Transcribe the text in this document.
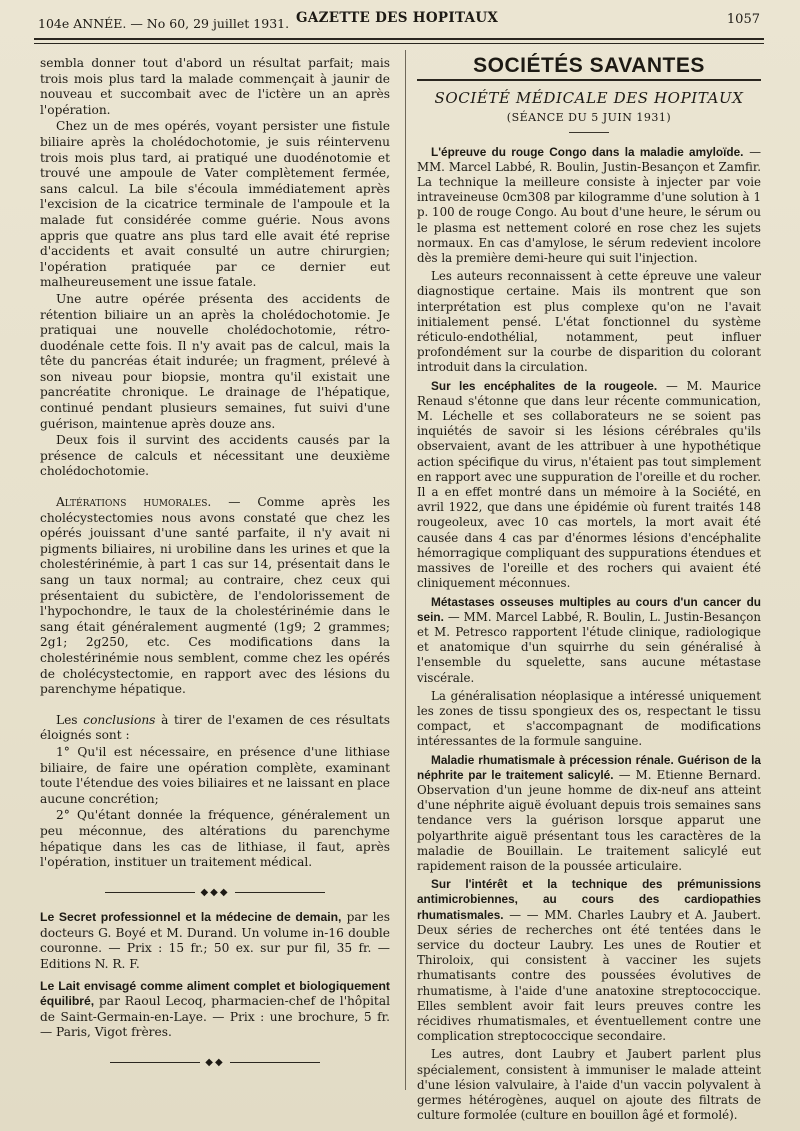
104e ANNÉE. — No 60, 29 juillet 1931. GAZETTE DES HOPITAUX	1057

sembla donner tout d'abord un résultat parfait; mais trois mois plus tard la malade commençait à jaunir de nouveau et succombait avec de l'ictère un an après l'opération.

Chez un de mes opérés, voyant persister une fistule biliaire après la cholédochotomie, je suis réintervenu trois mois plus tard, ai pratiqué une duodénotomie et trouvé une ampoule de Vater complètement fermée, sans calcul. La bile s'écoula immédiatement après l'excision de la cicatrice terminale de l'ampoule et la malade fut considérée comme guérie. Nous avons appris que quatre ans plus tard elle avait été reprise d'accidents et avait consulté un autre chirurgien; l'opération pratiquée par ce dernier eut malheureusement une issue fatale.

Une autre opérée présenta des accidents de rétention biliaire un an après la cholédochotomie. Je pratiquai une nouvelle cholédochotomie, rétro-duodénale cette fois. Il n'y avait pas de calcul, mais la tête du pancréas était indurée; un fragment, prélevé à son niveau pour biopsie, montra qu'il existait une pancréatite chronique. Le drainage de l'hépatique, continué pendant plusieurs semaines, fut suivi d'une guérison, maintenue après douze ans.

Deux fois il survint des accidents causés par la présence de calculs et nécessitant une deuxième cholédochotomie.

Altérations humorales. — Comme après les cholécystectomies nous avons constaté que chez les opérés jouissant d'une santé parfaite, il n'y avait ni pigments biliaires, ni urobiline dans les urines et que la cholestérinémie, à part 1 cas sur 14, présentait dans le sang un taux normal; au contraire, chez ceux qui présentaient du subictère, de l'endolorissement de l'hypochondre, le taux de la cholestérinémie dans le sang était généralement augmenté (1g9; 2 grammes; 2g1; 2g250, etc. Ces modifications dans la cholestérinémie nous semblent, comme chez les opérés de cholécystectomie, en rapport avec des lésions du parenchyme hépatique.

Les conclusions à tirer de l'examen de ces résultats éloignés sont :

1° Qu'il est nécessaire, en présence d'une lithiase biliaire, de faire une opération complète, examinant toute l'étendue des voies biliaires et ne laissant en place aucune concrétion;

2° Qu'étant donnée la fréquence, généralement un peu méconnue, des altérations du parenchyme hépatique dans les cas de lithiase, il faut, après l'opération, instituer un traitement médical.

◆◆◆

Le Secret professionnel et la médecine de demain, par les docteurs G. Boyé et M. Durand. Un volume in-16 double couronne. — Prix : 15 fr.; 50 ex. sur pur fil, 35 fr. — Editions N. R. F.

Le Lait envisagé comme aliment complet et biologiquement équilibré, par Raoul Lecoq, pharmacien-chef de l'hôpital de Saint-Germain-en-Laye. — Prix : une brochure, 5 fr. — Paris, Vigot frères.

◆◆
SOCIÉTÉS SAVANTES
SOCIÉTÉ MÉDICALE DES HOPITAUX
(SÉANCE DU 5 JUIN 1931)

L'épreuve du rouge Congo dans la maladie amyloïde. — MM. Marcel Labbé, R. Boulin, Justin-Besançon et Zamfir. La technique la meilleure consiste à injecter par voie intraveineuse 0cm308 par kilogramme d'une solution à 1 p. 100 de rouge Congo. Au bout d'une heure, le sérum ou le plasma est nettement coloré en rose chez les sujets normaux. En cas d'amylose, le sérum redevient incolore dès la première demi-heure qui suit l'injection.

Les auteurs reconnaissent à cette épreuve une valeur diagnostique certaine. Mais ils montrent que son interprétation est plus complexe qu'on ne l'avait initialement pensé. L'état fonctionnel du système réticulo-endothélial, notamment, peut influer profondément sur la courbe de disparition du colorant introduit dans la circulation.

Sur les encéphalites de la rougeole. — M. Maurice Renaud s'étonne que dans leur récente communication, M. Léchelle et ses collaborateurs ne se soient pas inquiétés de savoir si les lésions cérébrales qu'ils observaient, avant de les attribuer à une hypothétique action spécifique du virus, n'étaient pas tout simplement en rapport avec une suppuration de l'oreille et du rocher. Il a en effet montré dans un mémoire à la Société, en avril 1922, que dans une épidémie où furent traités 148 rougeoleux, avec 10 cas mortels, la mort avait été causée dans 4 cas par d'énormes lésions d'encéphalite hémorragique compliquant des suppurations étendues et massives de l'oreille et des rochers qui avaient été cliniquement méconnues.

Métastases osseuses multiples au cours d'un cancer du sein. — MM. Marcel Labbé, R. Boulin, L. Justin-Besançon et M. Petresco rapportent l'étude clinique, radiologique et anatomique d'un squirrhe du sein généralisé à l'ensemble du squelette, sans aucune métastase viscérale.

La généralisation néoplasique a intéressé uniquement les zones de tissu spongieux des os, respectant le tissu compact, et s'accompagnant de modifications intéressantes de la formule sanguine.

Maladie rhumatismale à précession rénale. Guérison de la néphrite par le traitement salicylé. — M. Etienne Bernard. Observation d'un jeune homme de dix-neuf ans atteint d'une néphrite aiguë évoluant depuis trois semaines sans tendance vers la guérison lorsque apparut une polyarthrite aiguë présentant tous les caractères de la maladie de Bouillain. Le traitement salicylé eut rapidement raison de la poussée articulaire.

Sur l'intérêt et la technique des prémunissions antimicrobiennes, au cours des cardiopathies rhumatismales. — — MM. Charles Laubry et A. Jaubert. Deux séries de recherches ont été tentées dans le service du docteur Laubry. Les unes de Routier et Thiroloix, qui consistent à vacciner les sujets rhumatisants contre des poussées évolutives de rhumatisme, à l'aide d'une anatoxine streptococcique. Elles semblent avoir fait leurs preuves contre les récidives rhumatismales, et éventuellement contre une complication streptococcique secondaire.

Les autres, dont Laubry et Jaubert parlent plus spécialement, consistent à immuniser le malade atteint d'une lésion valvulaire, à l'aide d'un vaccin polyvalent à germes hétérogènes, auquel on ajoute des filtrats de culture formolée (culture en bouillon âgé et formolé).
